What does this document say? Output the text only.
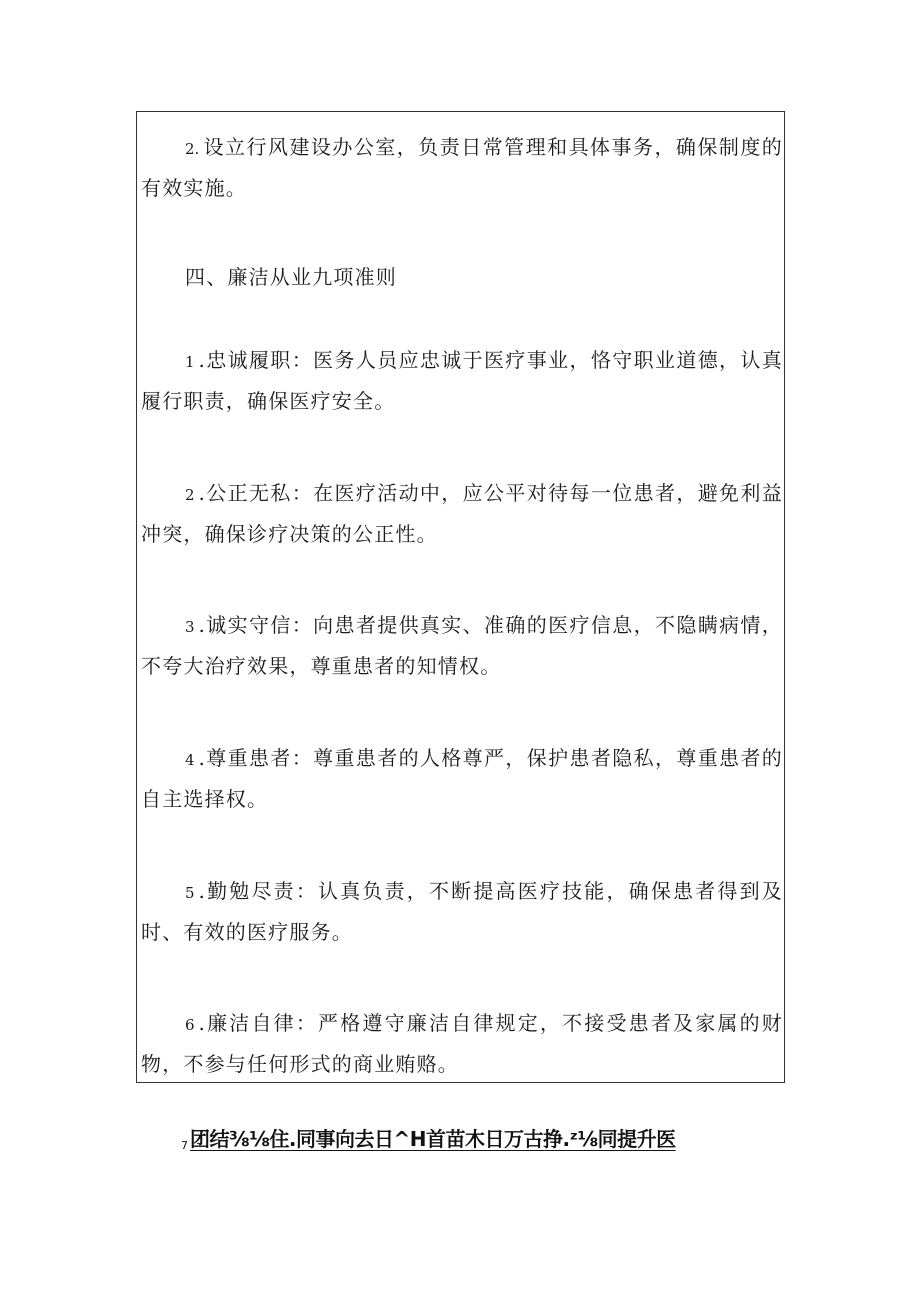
2. 设立行风建设办公室，负责日常管理和具体事务，确保制度的有效实施。

四、廉洁从业九项准则

1 .忠诚履职：医务人员应忠诚于医疗事业，恪守职业道德，认真履行职责，确保医疗安全。

2 .公正无私：在医疗活动中，应公平对待每一位患者，避免利益冲突，确保诊疗决策的公正性。

3 .诚实守信：向患者提供真实、准确的医疗信息，不隐瞒病情，不夸大治疗效果，尊重患者的知情权。

4 .尊重患者：尊重患者的人格尊严，保护患者隐私，尊重患者的自主选择权。

5 .勤勉尽责：认真负责，不断提高医疗技能，确保患者得到及时、有效的医疗服务。

6 .廉洁自律：严格遵守廉洁自律规定，不接受患者及家属的财物，不参与任何形式的商业贿赂。

7 团结⅜⅛住.同事向去日^H首苗木日万古挣.ᶻ⅛同提升医
